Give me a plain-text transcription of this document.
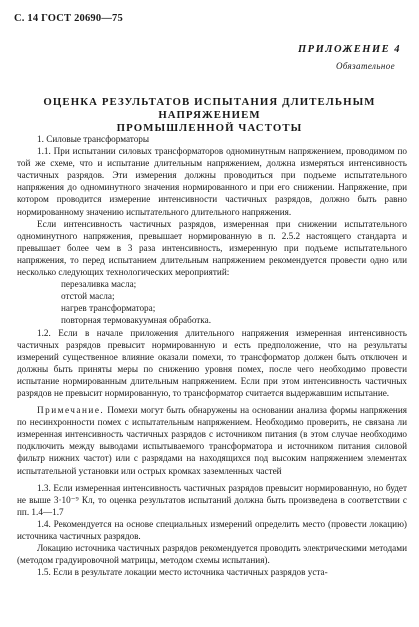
С. 14 ГОСТ 20690—75
ПРИЛОЖЕНИЕ 4
Обязательное
ОЦЕНКА РЕЗУЛЬТАТОВ ИСПЫТАНИЯ ДЛИТЕЛЬНЫМ НАПРЯЖЕНИЕМ
ПРОМЫШЛЕННОЙ ЧАСТОТЫ
1. Силовые трансформаторы

1.1. При испытании силовых трансформаторов одноминутным напряжением, проводимом по той же схеме, что и испытание длительным напряжением, должна измеряться интенсивность частичных разрядов. Эти измерения должны проводиться при подъеме испытательного напряжения до одноминутного значения нормированного и при его снижении. Напряжение, при котором проводится измерение интенсивности частичных разрядов, должно быть равно нормированному значению испытательного длительного напряжения.

Если интенсивность частичных разрядов, измеренная при снижении испытательного одноминутного напряжения, превышает нормированную в п. 2.5.2 настоящего стандарта и превышает более чем в 3 раза интенсивность, измеренную при подъеме испытательного напряжения, то перед испытанием длительным напряжением рекомендуется провести одно или несколько следующих технологических мероприятий:

перезаливка масла;

отстой масла;

нагрев трансформатора;

повторная термовакуумная обработка.

1.2. Если в начале приложения длительного напряжения измеренная интенсивность частичных разрядов превысит нормированную и есть предположение, что на результаты измерений существенное влияние оказали помехи, то трансформатор должен быть отключен и должны быть приняты меры по снижению уровня помех, после чего необходимо провести испытание нормированным длительным напряжением. Если при этом интенсивность частичных разрядов не превысит нормированную, то трансформатор считается выдержавшим испытание.

Примечание. Помехи могут быть обнаружены на основании анализа формы напряжения по несинхронности помех с испытательным напряжением. Необходимо проверить, не связана ли измеренная интенсивность частичных разрядов с источником питания (в этом случае необходимо подключить между выводами испытываемого трансформатора и источником питания силовой фильтр нижних частот) или с разрядами на находящихся под высоким напряжением элементах испытательной установки или острых кромках заземленных частей

1.3. Если измеренная интенсивность частичных разрядов превысит нормированную, но будет не выше 3·10⁻⁹ Кл, то оценка результатов испытаний должна быть произведена в соответствии с пп. 1.4—1.7

1.4. Рекомендуется на основе специальных измерений определить место (провести локацию) источника частичных разрядов.

Локацию источника частичных разрядов рекомендуется проводить электрическими методами (методом градуировочной матрицы, методом схемы испытания).

1.5. Если в результате локации место источника частичных разрядов уста-
